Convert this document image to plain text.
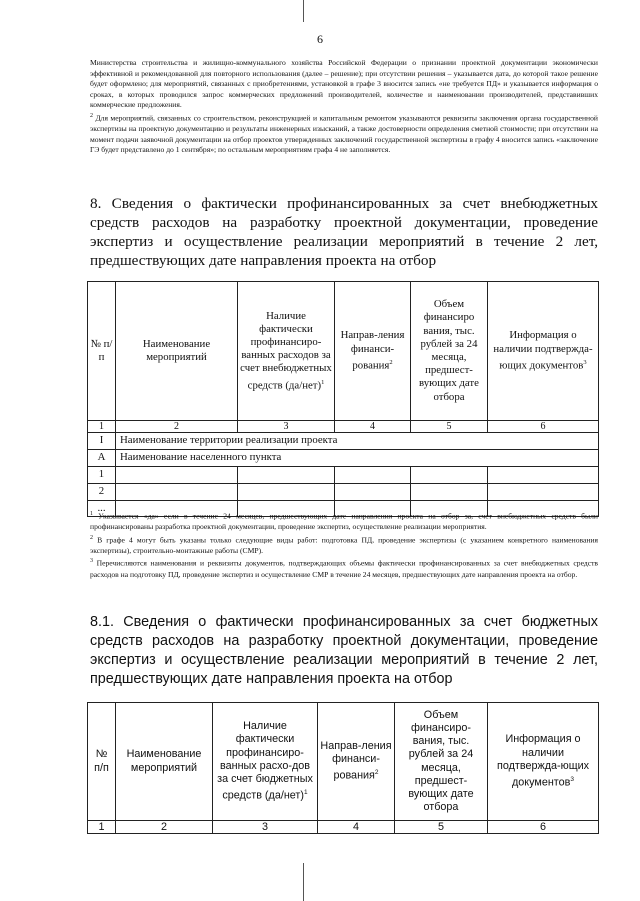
6

Министерства строительства и жилищно-коммунального хозяйства Российской Федерации о признании проектной документации экономически эффективной и рекомендованной для повторного использования (далее – решение); при отсутствии решения – указывается дата, до которой такое решение будет оформлено; для мероприятий, связанных с приобретениями, установкой в графе 3 вносится запись «не требуется ПД» и указывается информация о сроках, в которых проводился запрос коммерческих предложений производителей, количестве и наименовании производителей, представивших коммерческие предложения.

$^2$ Для мероприятий, связанных со строительством, реконструкцией и капитальным ремонтом указываются реквизиты заключения органа государственной экспертизы на проектную документацию и результаты инженерных изысканий, а также достоверности определения сметной стоимости; при отсутствии на момент подачи заявочной документации на отбор проектов утвержденных заключений государственной экспертизы в графу 4 вносится запись «заключение ГЭ будет представлено до 1 сентября»; по остальным мероприятиям графа 4 не заполняется.

8. Сведения о фактически профинансированных за счет внебюджетных средств расходов на разработку проектной документации, проведение экспертиз и осуществление реализации мероприятий в течение 2 лет, предшествующих дате направления проекта на отбор

№ п/п	Наименование мероприятий	Наличие фактически профинансиро-ванных расходов за счет внебюджетных средств $(да/нет)^1$	Направ-ления финанси-рования$^2$	Объем финансиро вания, тыс. рублей за 24 месяца, предшест-вующих дате отбора	Информация о наличии подтвержда-ющих документов$^3$
1	2	3	4	5	6
I	Наименование территории реализации проекта				
А	Наименование населенного пункта				
1					
2					
...					

$^1$ Указывается «да» если в течение 24 месяцев, предшествующих дате направления проекта на отбор за, счет внебюджетных средств были профинансированы разработка проектной документации, проведение экспертиз, осуществление реализации мероприятия.

$^2$ В графе 4 могут быть указаны только следующие виды работ: подготовка ПД, проведение экспертизы (с указанием конкретного наименования экспертизы), строительно-монтажные работы (СМР).

$^3$ Перечисляются наименования и реквизиты документов, подтверждающих объемы фактически профинансированных за счет внебюджетных средств расходов на подготовку ПД, проведение экспертиз и осуществление СМР в течение 24 месяцев, предшествующих дате направления проекта на отбор.

8.1. Сведения о фактически профинансированных за счет бюджетных средств расходов на разработку проектной документации, проведение экспертиз и осуществление реализации мероприятий в течение 2 лет, предшествующих дате направления проекта на отбор

№ п/п	Наименование мероприятий	Наличие фактически профинансиро-ванных расхо-дов за счет бюджетных средств $(да/нет)^1$	Направ-ления финанси-рования$^2$	Объем финансиро-вания, тыс. рублей за 24 месяца, предшест-вующих дате отбора	Информация о наличии подтвержда-ющих документов$^3$
1	2	3	4	5	6
